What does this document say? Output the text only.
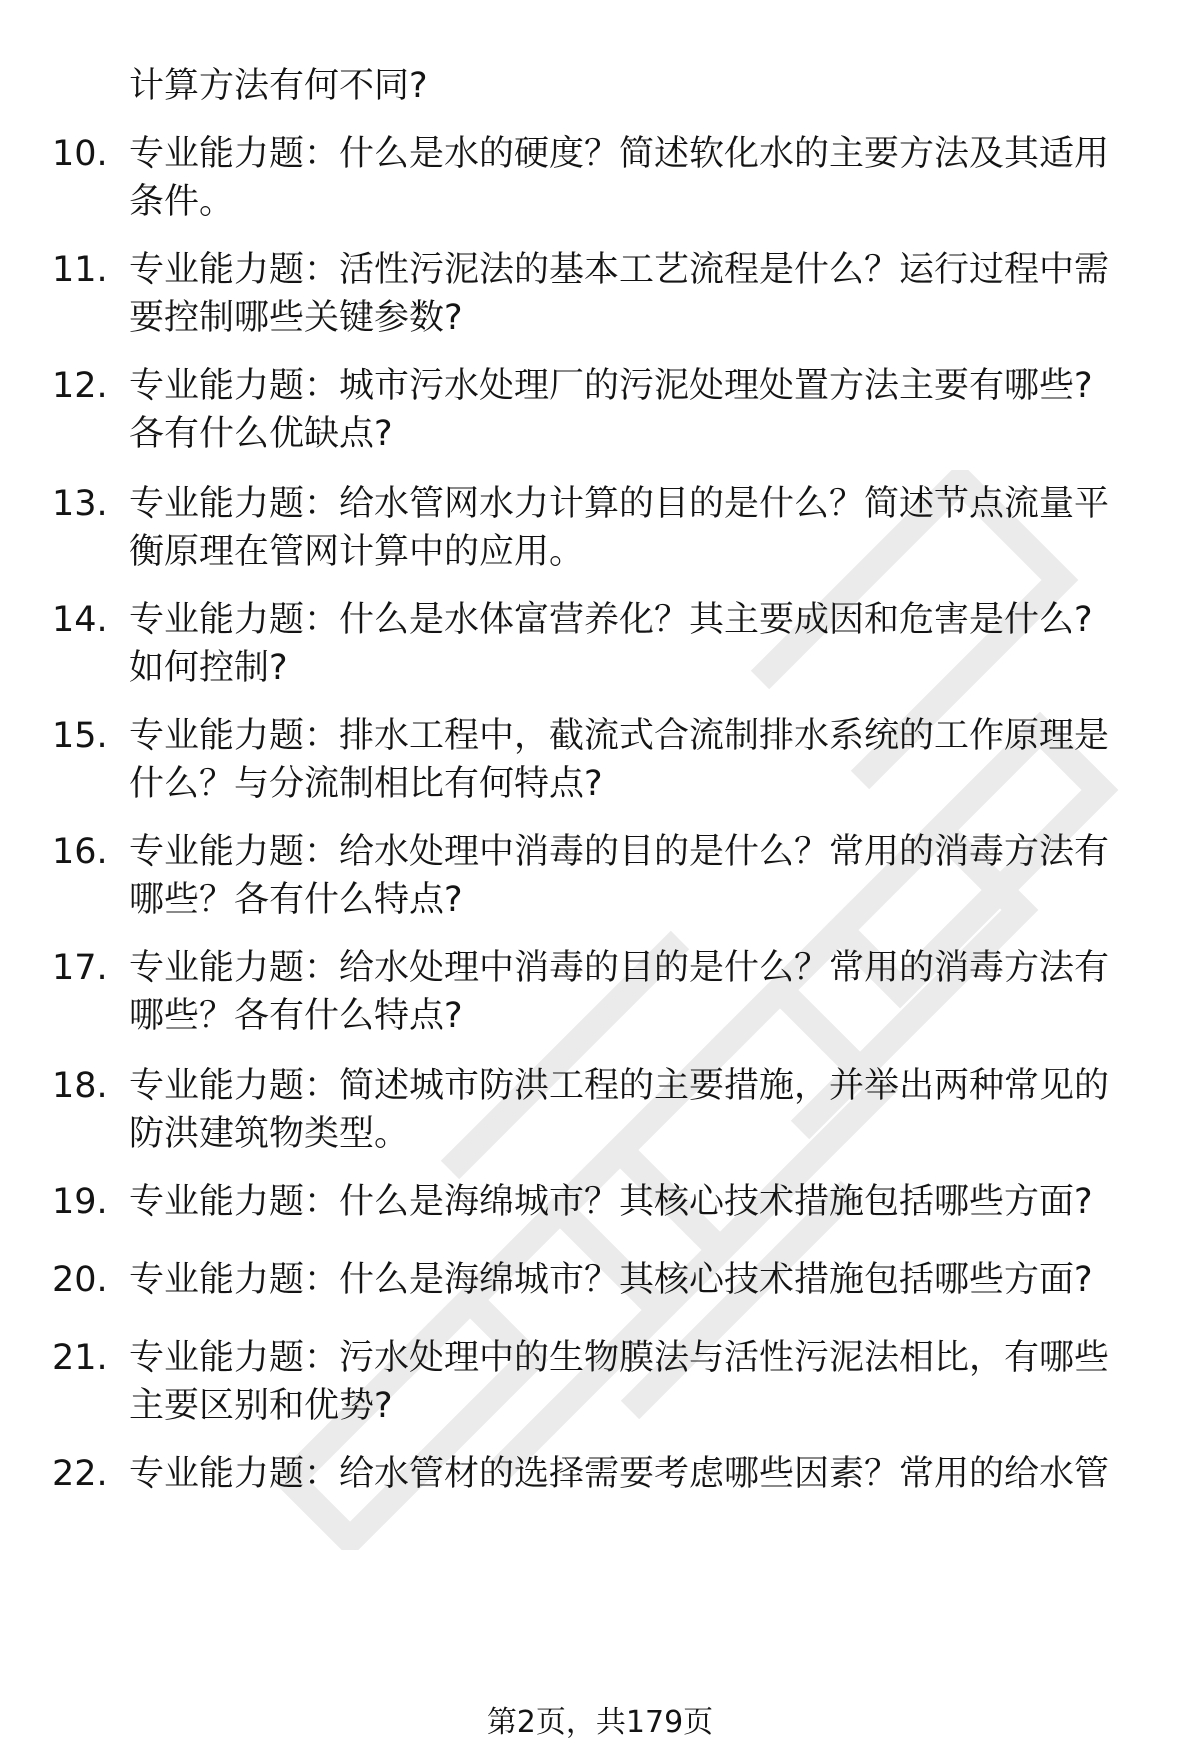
计算方法有何不同?
10. 专业能力题：什么是水的硬度？简述软化水的主要方法及其适用
条件。
11. 专业能力题：活性污泥法的基本工艺流程是什么？运行过程中需
要控制哪些关键参数?
12. 专业能力题：城市污水处理厂的污泥处理处置方法主要有哪些?
各有什么优缺点?
13. 专业能力题：给水管网水力计算的目的是什么？简述节点流量平
衡原理在管网计算中的应用。
14. 专业能力题：什么是水体富营养化？其主要成因和危害是什么?
如何控制?
15. 专业能力题：排水工程中，截流式合流制排水系统的工作原理是
什么？与分流制相比有何特点?
16. 专业能力题：给水处理中消毒的目的是什么？常用的消毒方法有
哪些？各有什么特点?
17. 专业能力题：给水处理中消毒的目的是什么？常用的消毒方法有
哪些？各有什么特点?
18. 专业能力题：简述城市防洪工程的主要措施，并举出两种常见的
防洪建筑物类型。
19. 专业能力题：什么是海绵城市？其核心技术措施包括哪些方面?
20. 专业能力题：什么是海绵城市？其核心技术措施包括哪些方面?
21. 专业能力题：污水处理中的生物膜法与活性污泥法相比，有哪些
主要区别和优势?
22. 专业能力题：给水管材的选择需要考虑哪些因素？常用的给水管
第2页，共179页
